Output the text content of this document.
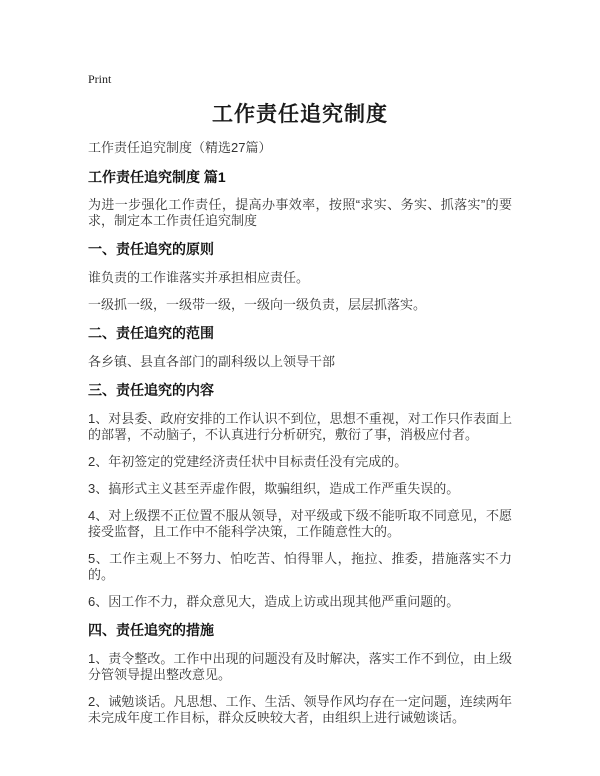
Print
工作责任追究制度

工作责任追究制度（精选27篇）

工作责任追究制度 篇1

为进一步强化工作责任，提高办事效率，按照“求实、务实、抓落实”的要求，制定本工作责任追究制度

一、责任追究的原则

谁负责的工作谁落实并承担相应责任。

一级抓一级，一级带一级，一级向一级负责，层层抓落实。

二、责任追究的范围

各乡镇、县直各部门的副科级以上领导干部

三、责任追究的内容

1、对县委、政府安排的工作认识不到位，思想不重视，对工作只作表面上的部署，不动脑子，不认真进行分析研究，敷衍了事，消极应付者。

2、年初签定的党建经济责任状中目标责任没有完成的。

3、搞形式主义甚至弄虚作假，欺骗组织，造成工作严重失误的。

4、对上级摆不正位置不服从领导，对平级或下级不能听取不同意见，不愿接受监督，且工作中不能科学决策，工作随意性大的。

5、工作主观上不努力、怕吃苦、怕得罪人，拖拉、推委，措施落实不力的。

6、因工作不力，群众意见大，造成上访或出现其他严重问题的。

四、责任追究的措施

1、责令整改。工作中出现的问题没有及时解决，落实工作不到位，由上级分管领导提出整改意见。

2、诫勉谈话。凡思想、工作、生活、领导作风均存在一定问题，连续两年未完成年度工作目标，群众反映较大者，由组织上进行诫勉谈话。
